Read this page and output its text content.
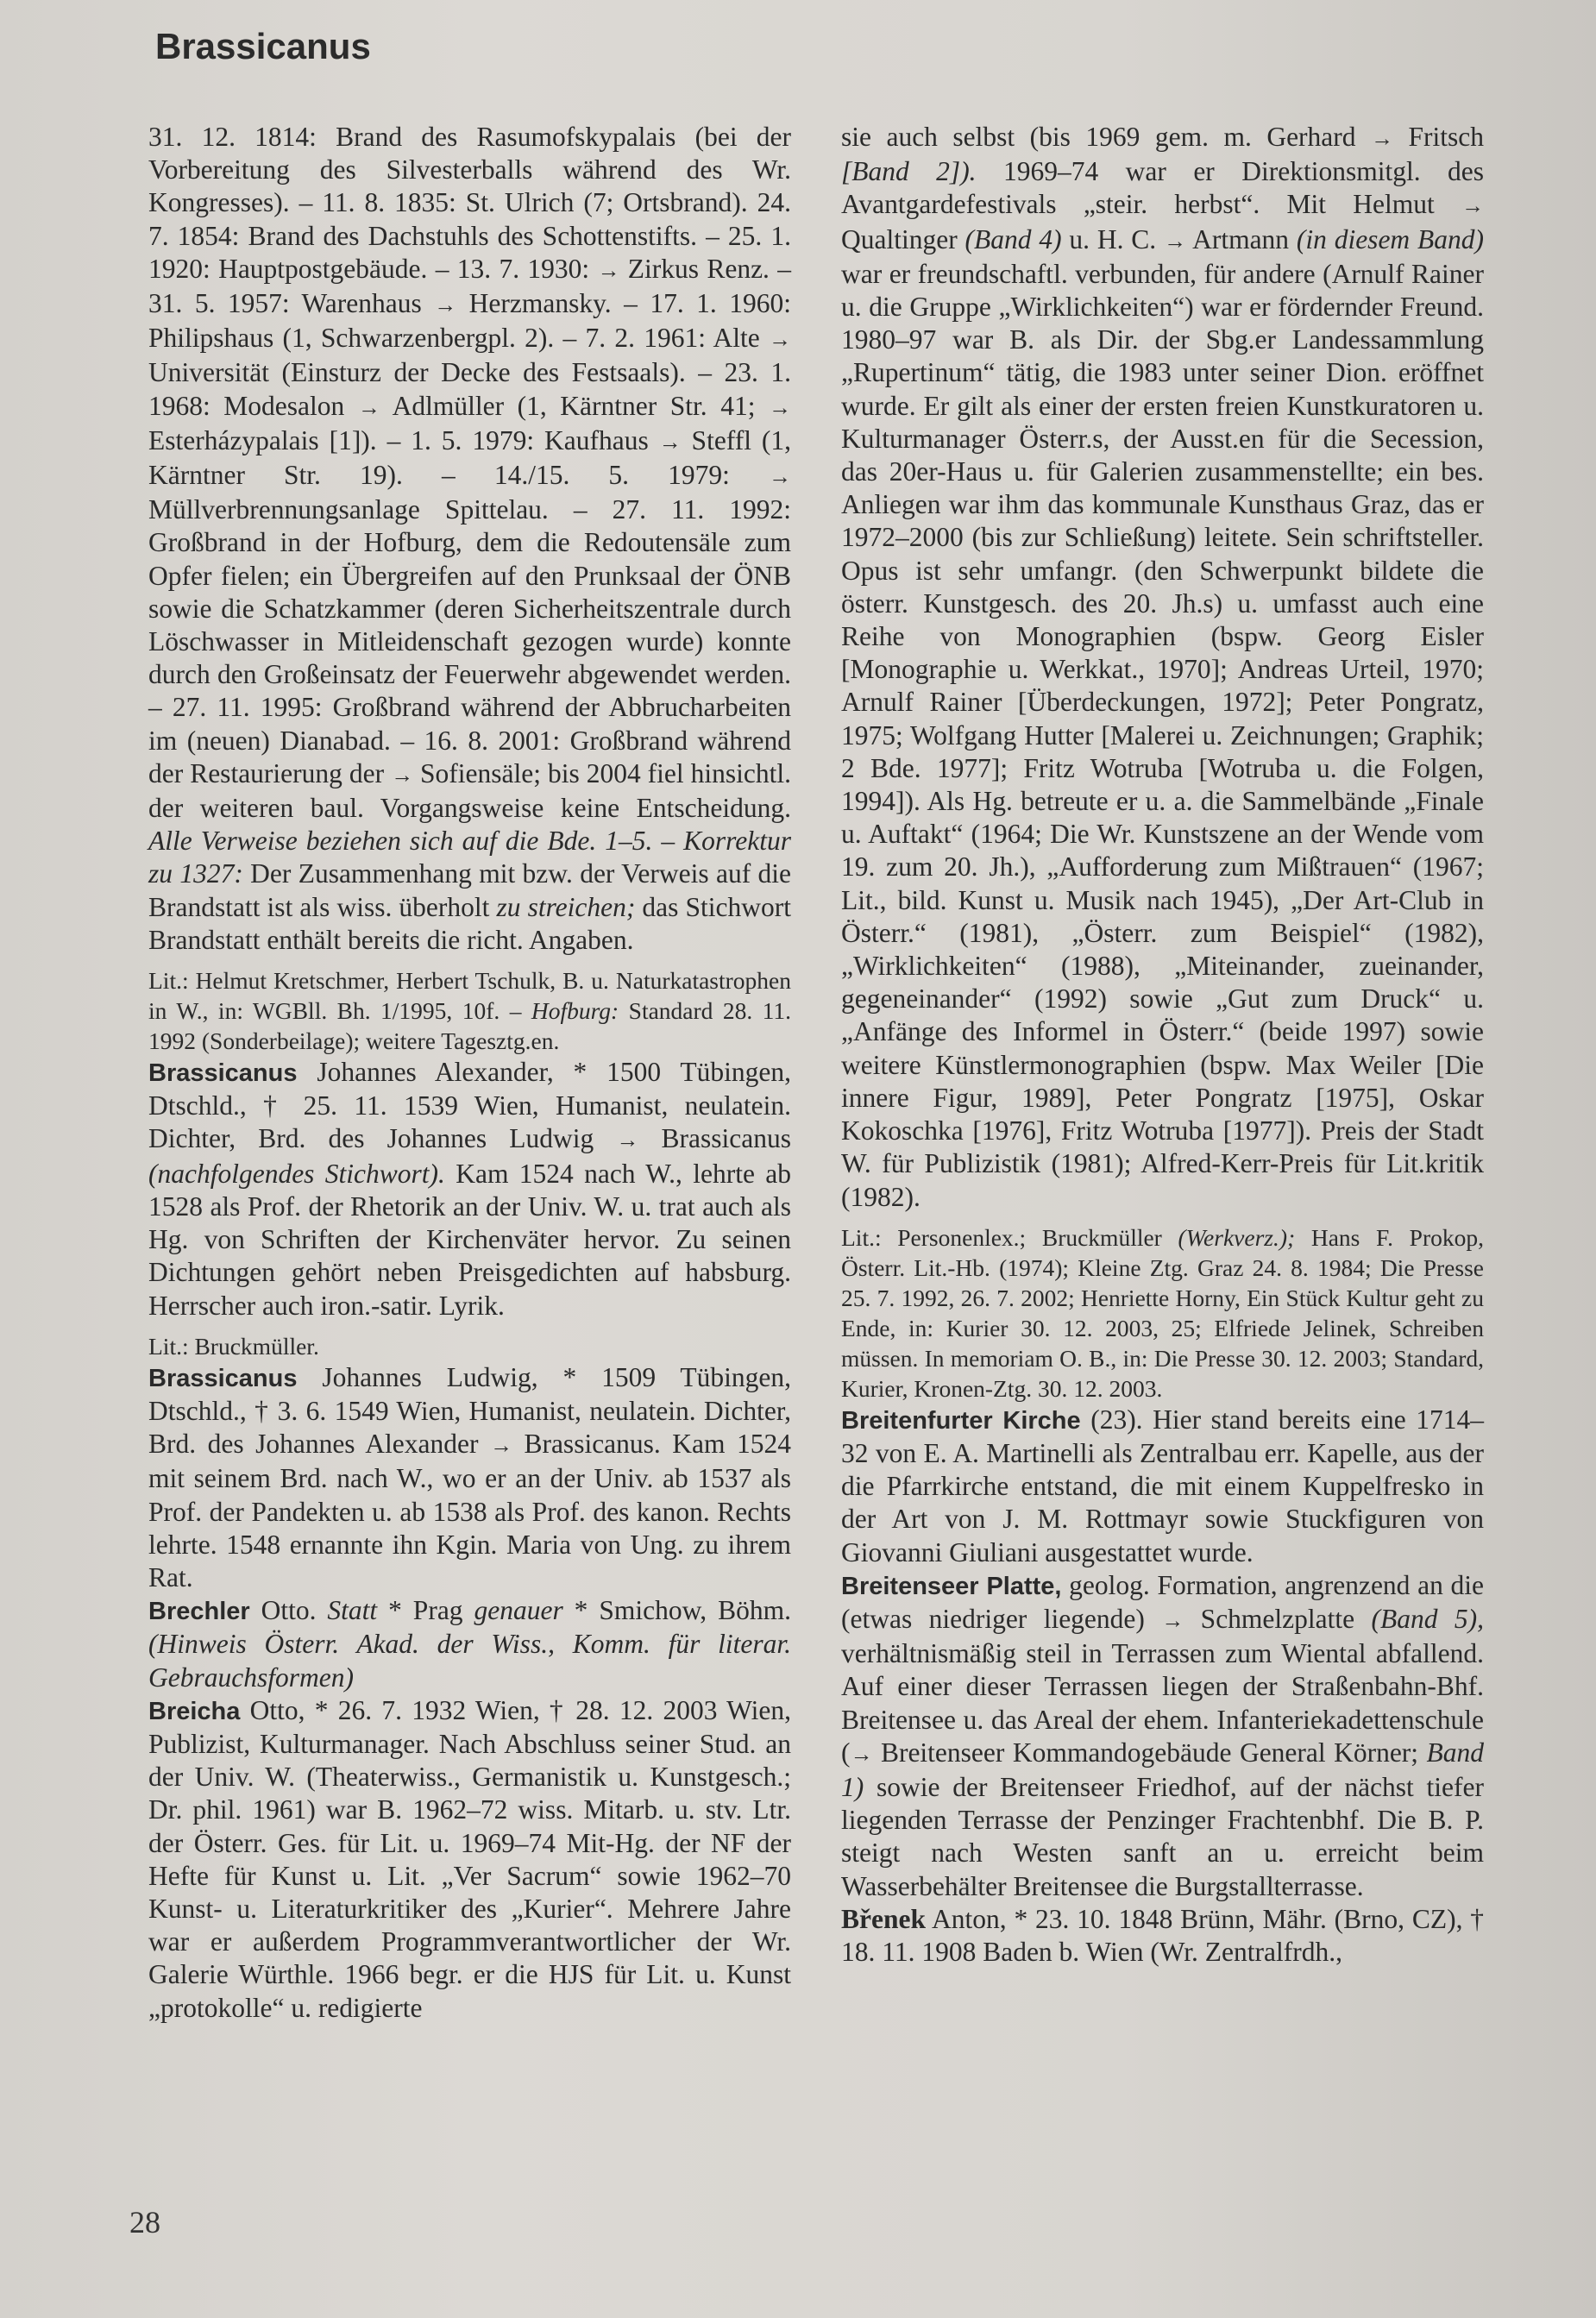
Brassicanus

31. 12. 1814: Brand des Rasumofskypalais (bei der Vorbereitung des Silvesterballs während des Wr. Kongresses). – 11. 8. 1835: St. Ulrich (7; Ortsbrand). 24. 7. 1854: Brand des Dachstuhls des Schottenstifts. – 25. 1. 1920: Hauptpostgebäude. – 13. 7. 1930: → Zirkus Renz. – 31. 5. 1957: Warenhaus → Herzmansky. – 17. 1. 1960: Philipshaus (1, Schwarzenbergpl. 2). – 7. 2. 1961: Alte → Universität (Einsturz der Decke des Festsaals). – 23. 1. 1968: Modesalon → Adlmüller (1, Kärntner Str. 41; → Esterházypalais [1]). – 1. 5. 1979: Kaufhaus → Steffl (1, Kärntner Str. 19). – 14./15. 5. 1979: → Müllverbrennungsanlage Spittelau. – 27. 11. 1992: Großbrand in der Hofburg, dem die Redoutensäle zum Opfer fielen; ein Übergreifen auf den Prunksaal der ÖNB sowie die Schatzkammer (deren Sicherheitszentrale durch Löschwasser in Mitleidenschaft gezogen wurde) konnte durch den Großeinsatz der Feuerwehr abgewendet werden. – 27. 11. 1995: Großbrand während der Abbrucharbeiten im (neuen) Dianabad. – 16. 8. 2001: Großbrand während der Restaurierung der → Sofiensäle; bis 2004 fiel hinsichtl. der weiteren baul. Vorgangsweise keine Entscheidung. Alle Verweise beziehen sich auf die Bde. 1–5. – Korrektur zu 1327: Der Zusammenhang mit bzw. der Verweis auf die Brandstatt ist als wiss. überholt zu streichen; das Stichwort Brandstatt enthält bereits die richt. Angaben.

Lit.: Helmut Kretschmer, Herbert Tschulk, B. u. Naturkatastrophen in W., in: WGBll. Bh. 1/1995, 10f. – Hofburg: Standard 28. 11. 1992 (Sonderbeilage); weitere Tagesztg.en.

Brassicanus Johannes Alexander, * 1500 Tübingen, Dtschld., † 25. 11. 1539 Wien, Humanist, neulatein. Dichter, Brd. des Johannes Ludwig → Brassicanus (nachfolgendes Stichwort). Kam 1524 nach W., lehrte ab 1528 als Prof. der Rhetorik an der Univ. W. u. trat auch als Hg. von Schriften der Kirchenväter hervor. Zu seinen Dichtungen gehört neben Preisgedichten auf habsburg. Herrscher auch iron.-satir. Lyrik.

Lit.: Bruckmüller.

Brassicanus Johannes Ludwig, * 1509 Tübingen, Dtschld., † 3. 6. 1549 Wien, Humanist, neulatein. Dichter, Brd. des Johannes Alexander → Brassicanus. Kam 1524 mit seinem Brd. nach W., wo er an der Univ. ab 1537 als Prof. der Pandekten u. ab 1538 als Prof. des kanon. Rechts lehrte. 1548 ernannte ihn Kgin. Maria von Ung. zu ihrem Rat.

Brechler Otto. Statt * Prag genauer * Smichow, Böhm. (Hinweis Österr. Akad. der Wiss., Komm. für literar. Gebrauchsformen)

Breicha Otto, * 26. 7. 1932 Wien, † 28. 12. 2003 Wien, Publizist, Kulturmanager. Nach Abschluss seiner Stud. an der Univ. W. (Theaterwiss., Germanistik u. Kunstgesch.; Dr. phil. 1961) war B. 1962–72 wiss. Mitarb. u. stv. Ltr. der Österr. Ges. für Lit. u. 1969–74 Mit-Hg. der NF der Hefte für Kunst u. Lit. „Ver Sacrum“ sowie 1962–70 Kunst- u. Literaturkritiker des „Kurier“. Mehrere Jahre war er außerdem Programmverantwortlicher der Wr. Galerie Würthle. 1966 begr. er die HJS für Lit. u. Kunst „protokolle“ u. redigierte

sie auch selbst (bis 1969 gem. m. Gerhard → Fritsch [Band 2]). 1969–74 war er Direktionsmitgl. des Avantgardefestivals „steir. herbst“. Mit Helmut → Qualtinger (Band 4) u. H. C. → Artmann (in diesem Band) war er freundschaftl. verbunden, für andere (Arnulf Rainer u. die Gruppe „Wirklichkeiten“) war er fördernder Freund. 1980–97 war B. als Dir. der Sbg.er Landessammlung „Rupertinum“ tätig, die 1983 unter seiner Dion. eröffnet wurde. Er gilt als einer der ersten freien Kunstkuratoren u. Kulturmanager Österr.s, der Ausst.en für die Secession, das 20er-Haus u. für Galerien zusammenstellte; ein bes. Anliegen war ihm das kommunale Kunsthaus Graz, das er 1972–2000 (bis zur Schließung) leitete. Sein schriftsteller. Opus ist sehr umfangr. (den Schwerpunkt bildete die österr. Kunstgesch. des 20. Jh.s) u. umfasst auch eine Reihe von Monographien (bspw. Georg Eisler [Monographie u. Werkkat., 1970]; Andreas Urteil, 1970; Arnulf Rainer [Überdeckungen, 1972]; Peter Pongratz, 1975; Wolfgang Hutter [Malerei u. Zeichnungen; Graphik; 2 Bde. 1977]; Fritz Wotruba [Wotruba u. die Folgen, 1994]). Als Hg. betreute er u. a. die Sammelbände „Finale u. Auftakt“ (1964; Die Wr. Kunstszene an der Wende vom 19. zum 20. Jh.), „Aufforderung zum Mißtrauen“ (1967; Lit., bild. Kunst u. Musik nach 1945), „Der Art-Club in Österr.“ (1981), „Österr. zum Beispiel“ (1982), „Wirklichkeiten“ (1988), „Miteinander, zueinander, gegeneinander“ (1992) sowie „Gut zum Druck“ u. „Anfänge des Informel in Österr.“ (beide 1997) sowie weitere Künstlermonographien (bspw. Max Weiler [Die innere Figur, 1989], Peter Pongratz [1975], Oskar Kokoschka [1976], Fritz Wotruba [1977]). Preis der Stadt W. für Publizistik (1981); Alfred-Kerr-Preis für Lit.kritik (1982).

Lit.: Personenlex.; Bruckmüller (Werkverz.); Hans F. Prokop, Österr. Lit.-Hb. (1974); Kleine Ztg. Graz 24. 8. 1984; Die Presse 25. 7. 1992, 26. 7. 2002; Henriette Horny, Ein Stück Kultur geht zu Ende, in: Kurier 30. 12. 2003, 25; Elfriede Jelinek, Schreiben müssen. In memoriam O. B., in: Die Presse 30. 12. 2003; Standard, Kurier, Kronen-Ztg. 30. 12. 2003.

Breitenfurter Kirche (23). Hier stand bereits eine 1714–32 von E. A. Martinelli als Zentralbau err. Kapelle, aus der die Pfarrkirche entstand, die mit einem Kuppelfresko in der Art von J. M. Rottmayr sowie Stuckfiguren von Giovanni Giuliani ausgestattet wurde.

Breitenseer Platte, geolog. Formation, angrenzend an die (etwas niedriger liegende) → Schmelzplatte (Band 5), verhältnismäßig steil in Terrassen zum Wiental abfallend. Auf einer dieser Terrassen liegen der Straßenbahn-Bhf. Breitensee u. das Areal der ehem. Infanteriekadettenschule (→ Breitenseer Kommandogebäude General Körner; Band 1) sowie der Breitenseer Friedhof, auf der nächst tiefer liegenden Terrasse der Penzinger Frachtenbhf. Die B. P. steigt nach Westen sanft an u. erreicht beim Wasserbehälter Breitensee die Burgstallterrasse.

Břenek Anton, * 23. 10. 1848 Brünn, Mähr. (Brno, CZ), † 18. 11. 1908 Baden b. Wien (Wr. Zentralfrdh.,

28
